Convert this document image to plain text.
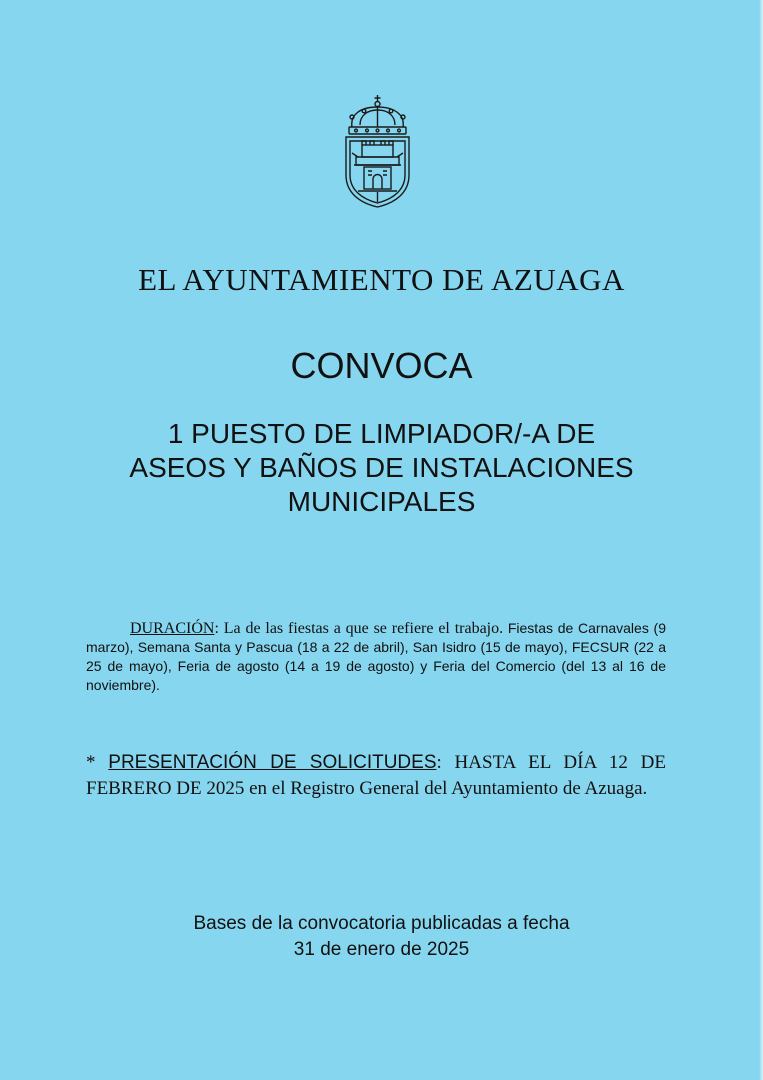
EL AYUNTAMIENTO DE AZUAGA
CONVOCA
1 PUESTO DE LIMPIADOR/-A DE
ASEOS Y BAÑOS DE INSTALACIONES
MUNICIPALES
DURACIÓN: La de las fiestas a que se refiere el trabajo. Fiestas de Carnavales (9 marzo), Semana Santa y Pascua (18 a 22 de abril), San Isidro (15 de mayo), FECSUR (22 a 25 de mayo), Feria de agosto (14 a 19 de agosto) y Feria del Comercio (del 13 al 16 de noviembre).
* PRESENTACIÓN DE SOLICITUDES: HASTA EL DÍA 12 DE FEBRERO DE 2025 en el Registro General del Ayuntamiento de Azuaga.
Bases de la convocatoria publicadas a fecha
31 de enero de 2025
